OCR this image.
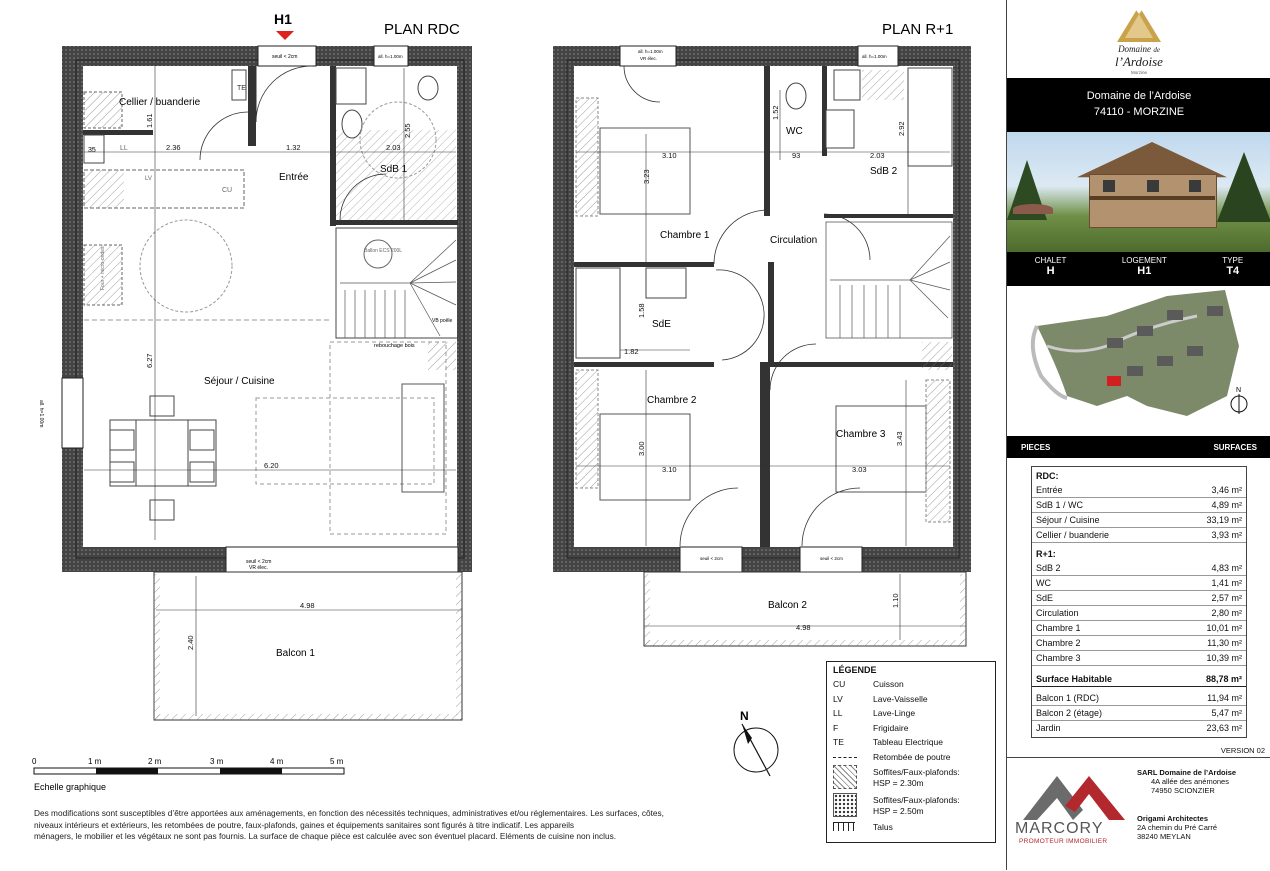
PLAN RDC	PLAN R+1
H1
seuil < 2cm	all. h=1.00m
all. h=1.00m
seuil < 2cm
VR élec.
35	LL
TE
Cellier / buanderie
Entrée
Séjour / Cuisine
CU
LV
Four + micro-ondes	Ballon ECS 200L
VB poêle
rebouchage bois
2.36	1.32	2.03
1.61
2.55
6.27
6.20
4.98
2.40
Balcon 1
all. h=1.00m
VR élec.	all. h=1.00m
seuil < 2cm	seuil < 2cm
Chambre 1	Circulation
WC
SdB 2
SdE
Chambre 2
Chambre 3
3.10	93	2.03
1.52
2.92
3.23
1.58
1.82
3.00
3.10	3.03
3.43
4.98
1.10
Balcon 2
0	1 m	2 m	3 m	4 m	5 m
Echelle graphique
N
LÉGENDE
CU	Cuisson
LV	Lave-Vaisselle
LL	Lave-Linge
F	Frigidaire
TE	Tableau Electrique
Retombée de poutre
Soffites/Faux-plafonds:
HSP = 2.30m
Soffites/Faux-plafonds:
HSP = 2.50m
Talus
Des modifications sont susceptibles d’être apportées aux aménagements, en fonction des nécessités techniques, administratives et/ou réglementaires. Les surfaces, côtes,
niveaux intérieurs et extérieurs, les retombées de poutre, faux-plafonds, gaines et équipements sanitaires sont figurés à titre indicatif. Les appareils
ménagers, le mobilier et les végétaux ne sont pas fournis. La surface de chaque pièce est calculée avec son éventuel placard. Eléments de cuisine non inclus.
Domaine de
l’Ardoise
Morzine
Domaine de l’Ardoise
74110 - MORZINE
CHALET
H
LOGEMENT
H1
TYPE
T4
N
PIECES	SURFACES
RDC:
Entrée	3,46 m²
SdB 1 / WC	4,89 m²
Séjour / Cuisine	33,19 m²
Cellier / buanderie	3,93 m²
R+1:
SdB 2	4,83 m²
WC	1,41 m²
SdE	2,57 m²
Circulation	2,80 m²
Chambre 1	10,01 m²
Chambre 2	11,30 m²
Chambre 3	10,39 m²
Surface Habitable	88,78 m²
Balcon 1 (RDC)	11,94 m²
Balcon 2 (étage)	5,47 m²
Jardin	23,63 m²
VERSION 02
MARCORY
PROMOTEUR IMMOBILIER
SARL Domaine de l’Ardoise
4A allée des anémones
74950 SCIONZIER
Origami Architectes
2A chemin du Pré Carré
38240 MEYLAN
